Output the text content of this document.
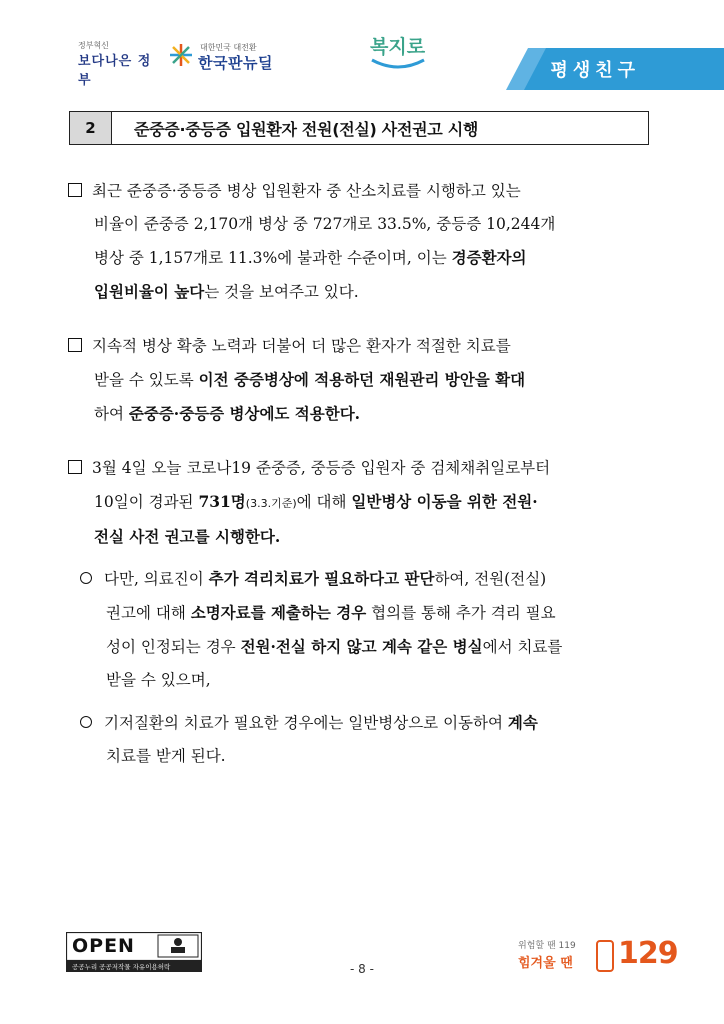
정부혁신
보다나은 정부
대한민국 대전환
한국판뉴딜
복지로
평생친구
2	준중증·중등증 입원환자 전원(전실) 사전권고 시행
최근 준중증·중등증 병상 입원환자 중 산소치료를 시행하고 있는
비율이 준중증 2,170개 병상 중 727개로 33.5%, 중등증 10,244개
병상 중 1,157개로 11.3%에 불과한 수준이며, 이는 경증환자의
입원비율이 높다는 것을 보여주고 있다.
지속적 병상 확충 노력과 더불어 더 많은 환자가 적절한 치료를
받을 수 있도록 이전 중증병상에 적용하던 재원관리 방안을 확대
하여 준중증·중등증 병상에도 적용한다.
3월 4일 오늘 코로나19 준중증, 중등증 입원자 중 검체채취일로부터
10일이 경과된 731명(3.3.기준)에 대해 일반병상 이동을 위한 전원·
전실 사전 권고를 시행한다.
다만, 의료진이 추가 격리치료가 필요하다고 판단하여, 전원(전실)
권고에 대해 소명자료를 제출하는 경우 협의를 통해 추가 격리 필요
성이 인정되는 경우 전원·전실 하지 않고 계속 같은 병실에서 치료를
받을 수 있으며,
기저질환의 치료가 필요한 경우에는 일반병상으로 이동하여 계속
치료를 받게 된다.
OPEN
공공누리 공공저작물 자유이용허락	- 8 -
위험할 땐 119
힘겨울 땐 129
